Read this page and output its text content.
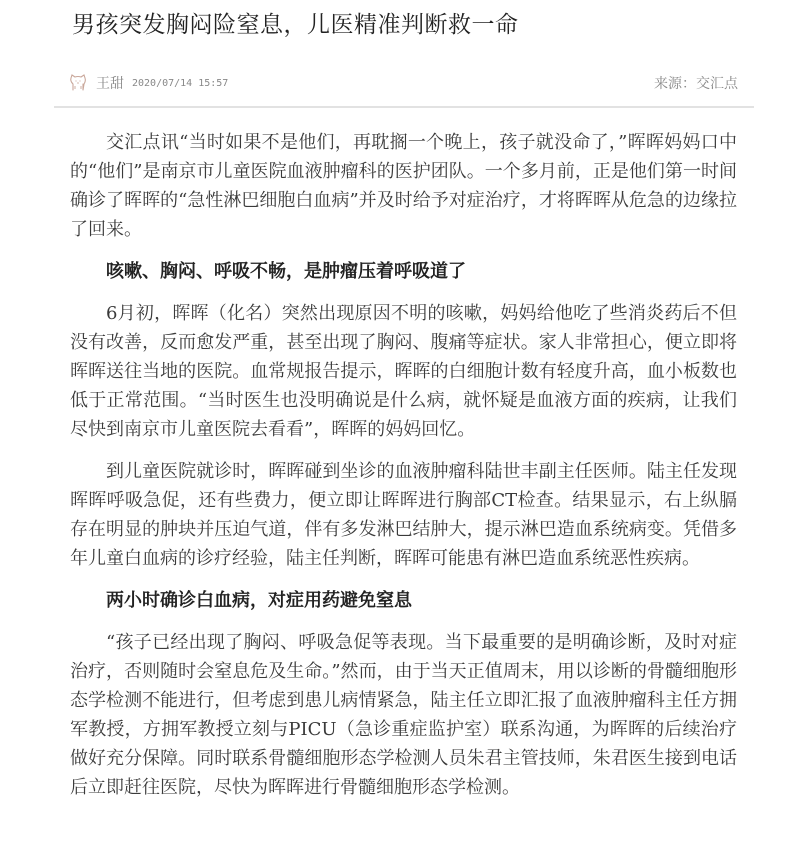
男孩突发胸闷险窒息，儿医精准判断救一命
王甜 2020/07/14 15:57	来源：交汇点

交汇点讯“当时如果不是他们，再耽搁一个晚上，孩子就没命了，”晖晖妈妈口中的“他们”是南京市儿童医院血液肿瘤科的医护团队。一个多月前，正是他们第一时间确诊了晖晖的“急性淋巴细胞白血病”并及时给予对症治疗，才将晖晖从危急的边缘拉了回来。

咳嗽、胸闷、呼吸不畅，是肿瘤压着呼吸道了

6月初，晖晖（化名）突然出现原因不明的咳嗽，妈妈给他吃了些消炎药后不但没有改善，反而愈发严重，甚至出现了胸闷、腹痛等症状。家人非常担心，便立即将晖晖送往当地的医院。血常规报告提示，晖晖的白细胞计数有轻度升高，血小板数也低于正常范围。“当时医生也没明确说是什么病，就怀疑是血液方面的疾病，让我们尽快到南京市儿童医院去看看”，晖晖的妈妈回忆。

到儿童医院就诊时，晖晖碰到坐诊的血液肿瘤科陆世丰副主任医师。陆主任发现晖晖呼吸急促，还有些费力，便立即让晖晖进行胸部CT检查。结果显示，右上纵膈存在明显的肿块并压迫气道，伴有多发淋巴结肿大，提示淋巴造血系统病变。凭借多年儿童白血病的诊疗经验，陆主任判断，晖晖可能患有淋巴造血系统恶性疾病。

两小时确诊白血病，对症用药避免窒息

“孩子已经出现了胸闷、呼吸急促等表现。当下最重要的是明确诊断，及时对症治疗，否则随时会窒息危及生命。”然而，由于当天正值周末，用以诊断的骨髓细胞形态学检测不能进行，但考虑到患儿病情紧急，陆主任立即汇报了血液肿瘤科主任方拥军教授，方拥军教授立刻与PICU（急诊重症监护室）联系沟通，为晖晖的后续治疗做好充分保障。同时联系骨髓细胞形态学检测人员朱君主管技师，朱君医生接到电话后立即赶往医院，尽快为晖晖进行骨髓细胞形态学检测。
